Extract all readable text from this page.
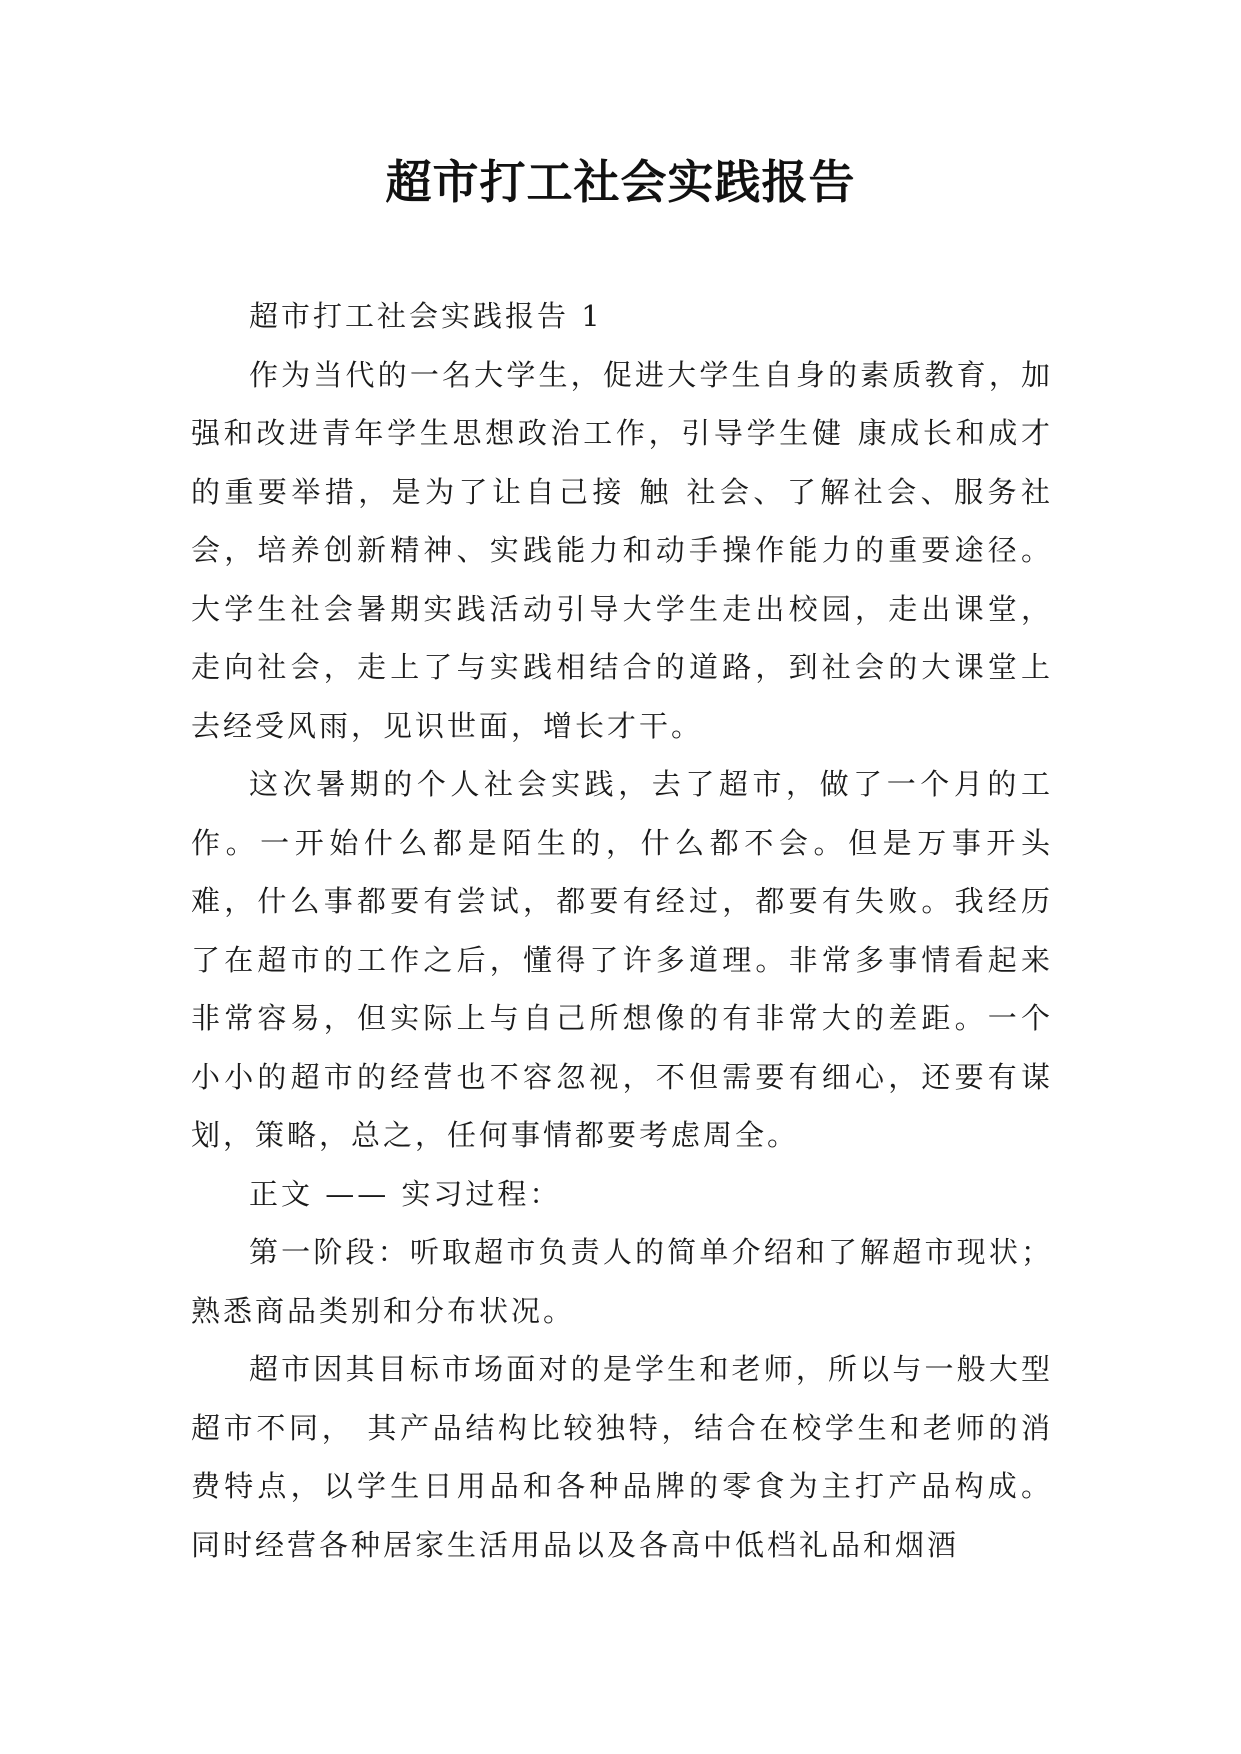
超市打工社会实践报告

超市打工社会实践报告 1

作为当代的一名大学生，促进大学生自身的素质教育，加强和改进青年学生思想政治工作，引导学生健 康成长和成才的重要举措，是为了让自己接 触 社会、了解社会、服务社会，培养创新精神、实践能力和动手操作能力的重要途径。大学生社会暑期实践活动引导大学生走出校园，走出课堂，走向社会，走上了与实践相结合的道路，到社会的大课堂上去经受风雨，见识世面，增长才干。

这次暑期的个人社会实践，去了超市，做了一个月的工作。一开始什么都是陌生的，什么都不会。但是万事开头难，什么事都要有尝试，都要有经过，都要有失败。我经历了在超市的工作之后，懂得了许多道理。非常多事情看起来非常容易，但实际上与自己所想像的有非常大的差距。一个小小的超市的经营也不容忽视，不但需要有细心，还要有谋划，策略，总之，任何事情都要考虑周全。

正文 —— 实习过程：

第一阶段：听取超市负责人的简单介绍和了解超市现状；熟悉商品类别和分布状况。

超市因其目标市场面对的是学生和老师，所以与一般大型超市不同， 其产品结构比较独特，结合在校学生和老师的消费特点，以学生日用品和各种品牌的零食为主打产品构成。同时经营各种居家生活用品以及各高中低档礼品和烟酒
